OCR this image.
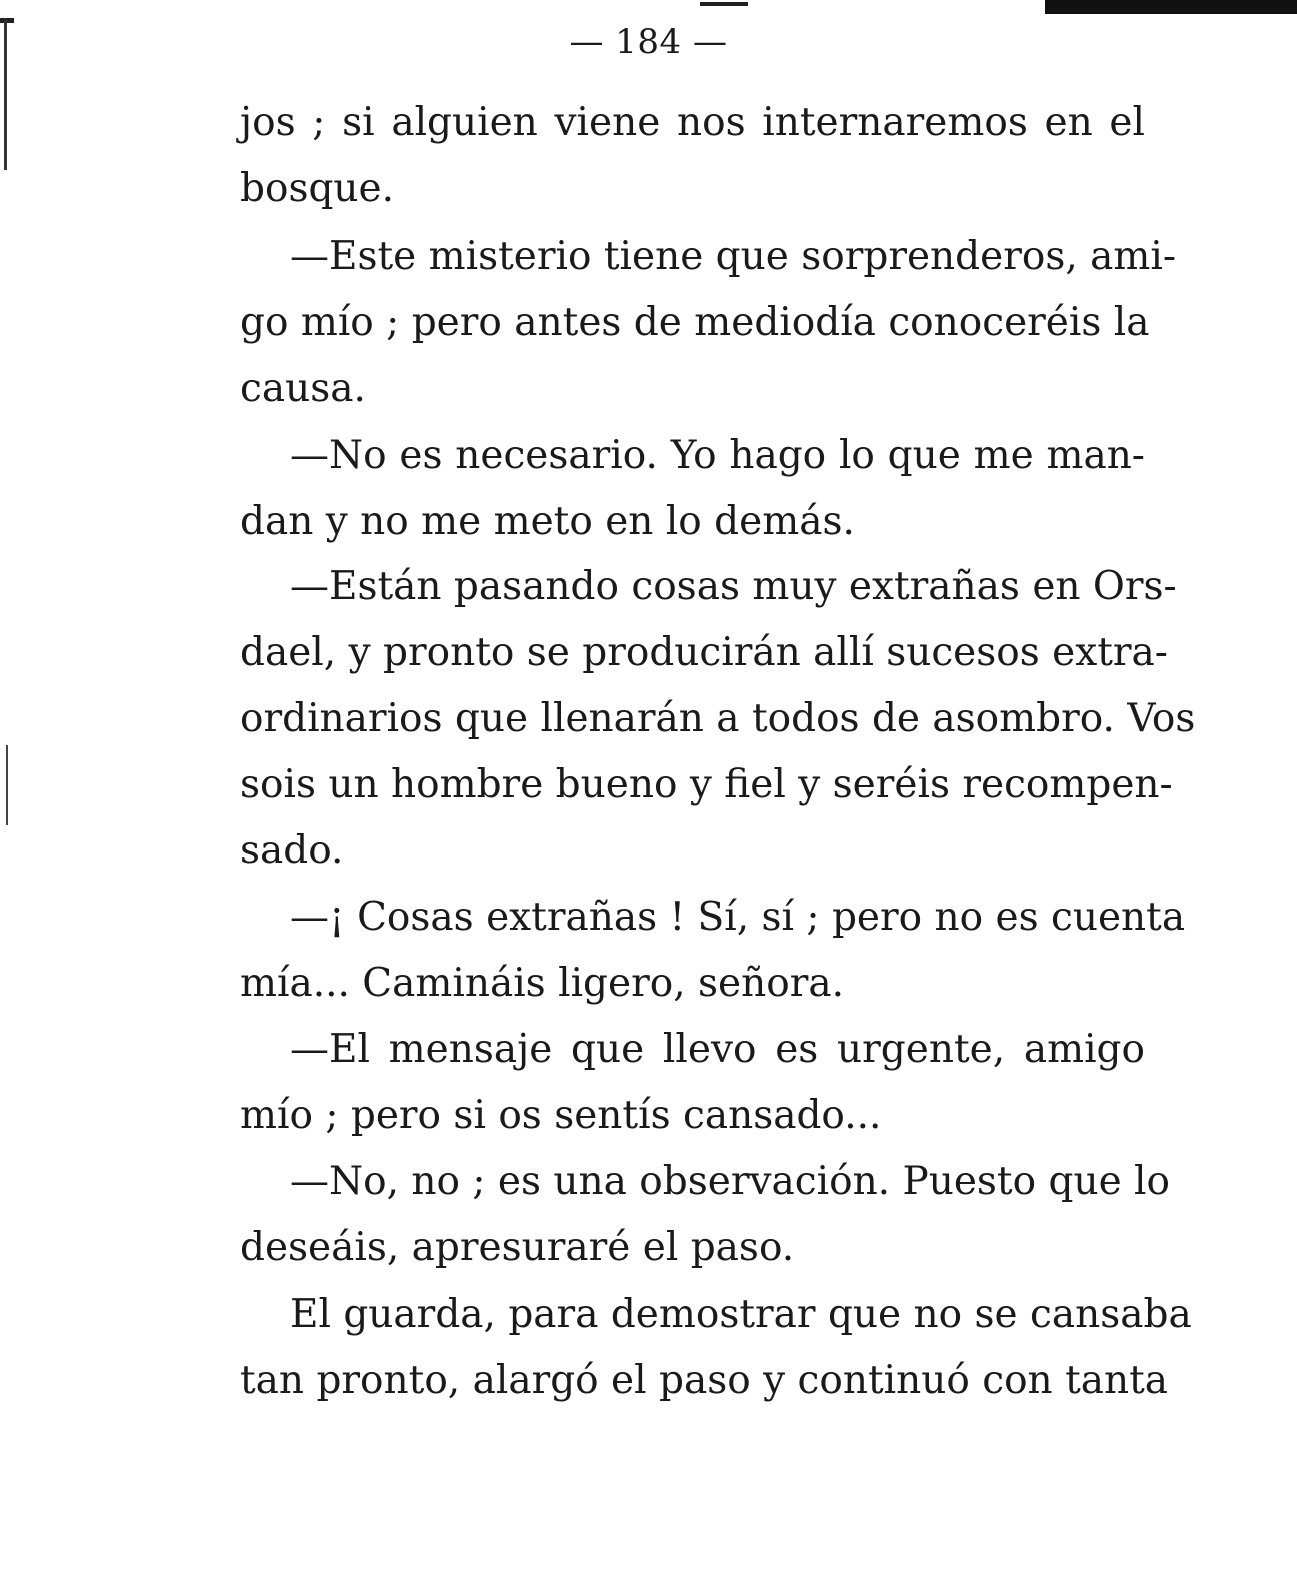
— 184 —
jos ; si alguien viene nos internaremos en el
bosque.
—Este misterio tiene que sorprenderos, ami-
go mío ; pero antes de mediodía conoceréis la
causa.
—No es necesario. Yo hago lo que me man-
dan y no me meto en lo demás.
—Están pasando cosas muy extrañas en Ors-
dael, y pronto se producirán allí sucesos extra-
ordinarios que llenarán a todos de asombro. Vos
sois un hombre bueno y fiel y seréis recompen-
sado.
—¡ Cosas extrañas ! Sí, sí ; pero no es cuenta
mía... Camináis ligero, señora.
—El mensaje que llevo es urgente, amigo
mío ; pero si os sentís cansado...
—No, no ; es una observación. Puesto que lo
deseáis, apresuraré el paso.
El guarda, para demostrar que no se cansaba
tan pronto, alargó el paso y continuó con tanta
